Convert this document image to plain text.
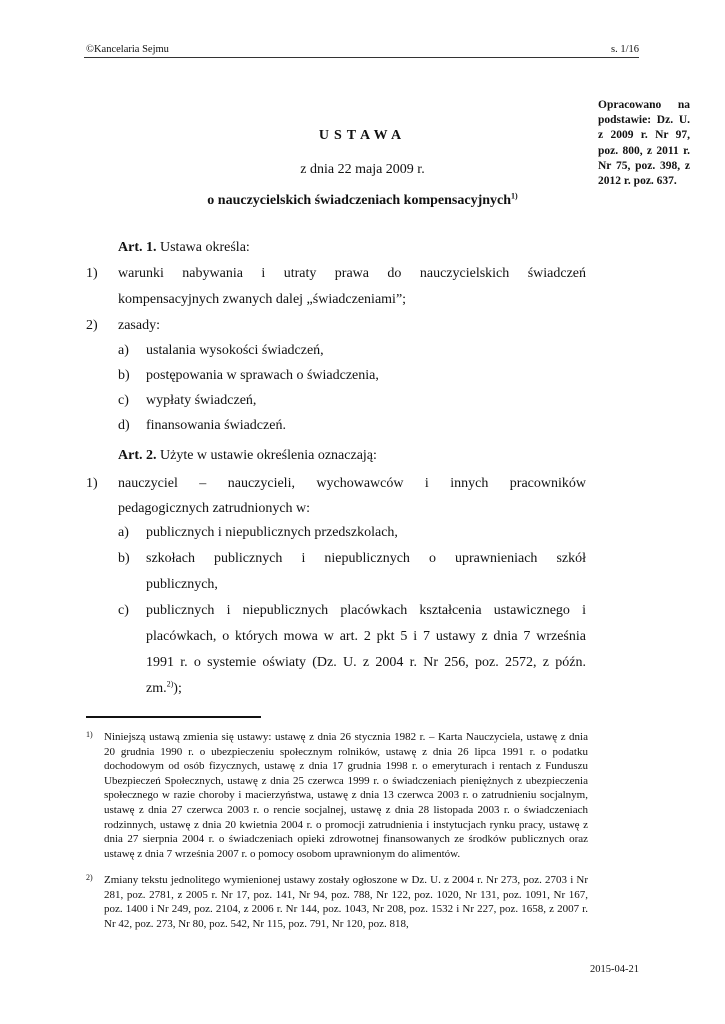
©Kancelaria Sejmu	s. 1/16
Opracowano na podstawie: Dz. U. z 2009 r. Nr 97, poz. 800, z 2011 r. Nr 75, poz. 398, z 2012 r. poz. 637.
USTAWA
z dnia 22 maja 2009 r.
o nauczycielskich świadczeniach kompensacyjnych$^{1)}$
Art. 1. Ustawa określa:
1) warunki nabywania i utraty prawa do nauczycielskich świadczeń
kompensacyjnych zwanych dalej „świadczeniami”;
2) zasady:
a) ustalania wysokości świadczeń,
b) postępowania w sprawach o świadczenia,
c) wypłaty świadczeń,
d) finansowania świadczeń.
Art. 2. Użyte w ustawie określenia oznaczają:
1) nauczyciel – nauczycieli, wychowawców i innych pracowników
pedagogicznych zatrudnionych w:
a) publicznych i niepublicznych przedszkolach,
b) szkołach publicznych i niepublicznych o uprawnieniach szkół
publicznych,
c) publicznych i niepublicznych placówkach kształcenia ustawicznego i
placówkach, o których mowa w art. 2 pkt 5 i 7 ustawy z dnia 7 września
1991 r. o systemie oświaty (Dz. U. z 2004 r. Nr 256, poz. 2572, z późn.
zm.$^{2)}$);
1) Niniejszą ustawą zmienia się ustawy: ustawę z dnia 26 stycznia 1982 r. – Karta Nauczyciela, ustawę z dnia 20 grudnia 1990 r. o ubezpieczeniu społecznym rolników, ustawę z dnia 26 lipca 1991 r. o podatku dochodowym od osób fizycznych, ustawę z dnia 17 grudnia 1998 r. o emeryturach i rentach z Funduszu Ubezpieczeń Społecznych, ustawę z dnia 25 czerwca 1999 r. o świadczeniach pieniężnych z ubezpieczenia społecznego w razie choroby i macierzyństwa, ustawę z dnia 13 czerwca 2003 r. o zatrudnieniu socjalnym, ustawę z dnia 27 czerwca 2003 r. o rencie socjalnej, ustawę z dnia 28 listopada 2003 r. o świadczeniach rodzinnych, ustawę z dnia 20 kwietnia 2004 r. o promocji zatrudnienia i instytucjach rynku pracy, ustawę z dnia 27 sierpnia 2004 r. o świadczeniach opieki zdrowotnej finansowanych ze środków publicznych oraz ustawę z dnia 7 września 2007 r. o pomocy osobom uprawnionym do alimentów.
2) Zmiany tekstu jednolitego wymienionej ustawy zostały ogłoszone w Dz. U. z 2004 r. Nr 273, poz. 2703 i Nr 281, poz. 2781, z 2005 r. Nr 17, poz. 141, Nr 94, poz. 788, Nr 122, poz. 1020, Nr 131, poz. 1091, Nr 167, poz. 1400 i Nr 249, poz. 2104, z 2006 r. Nr 144, poz. 1043, Nr 208, poz. 1532 i Nr 227, poz. 1658, z 2007 r. Nr 42, poz. 273, Nr 80, poz. 542, Nr 115, poz. 791, Nr 120, poz. 818,
2015-04-21
